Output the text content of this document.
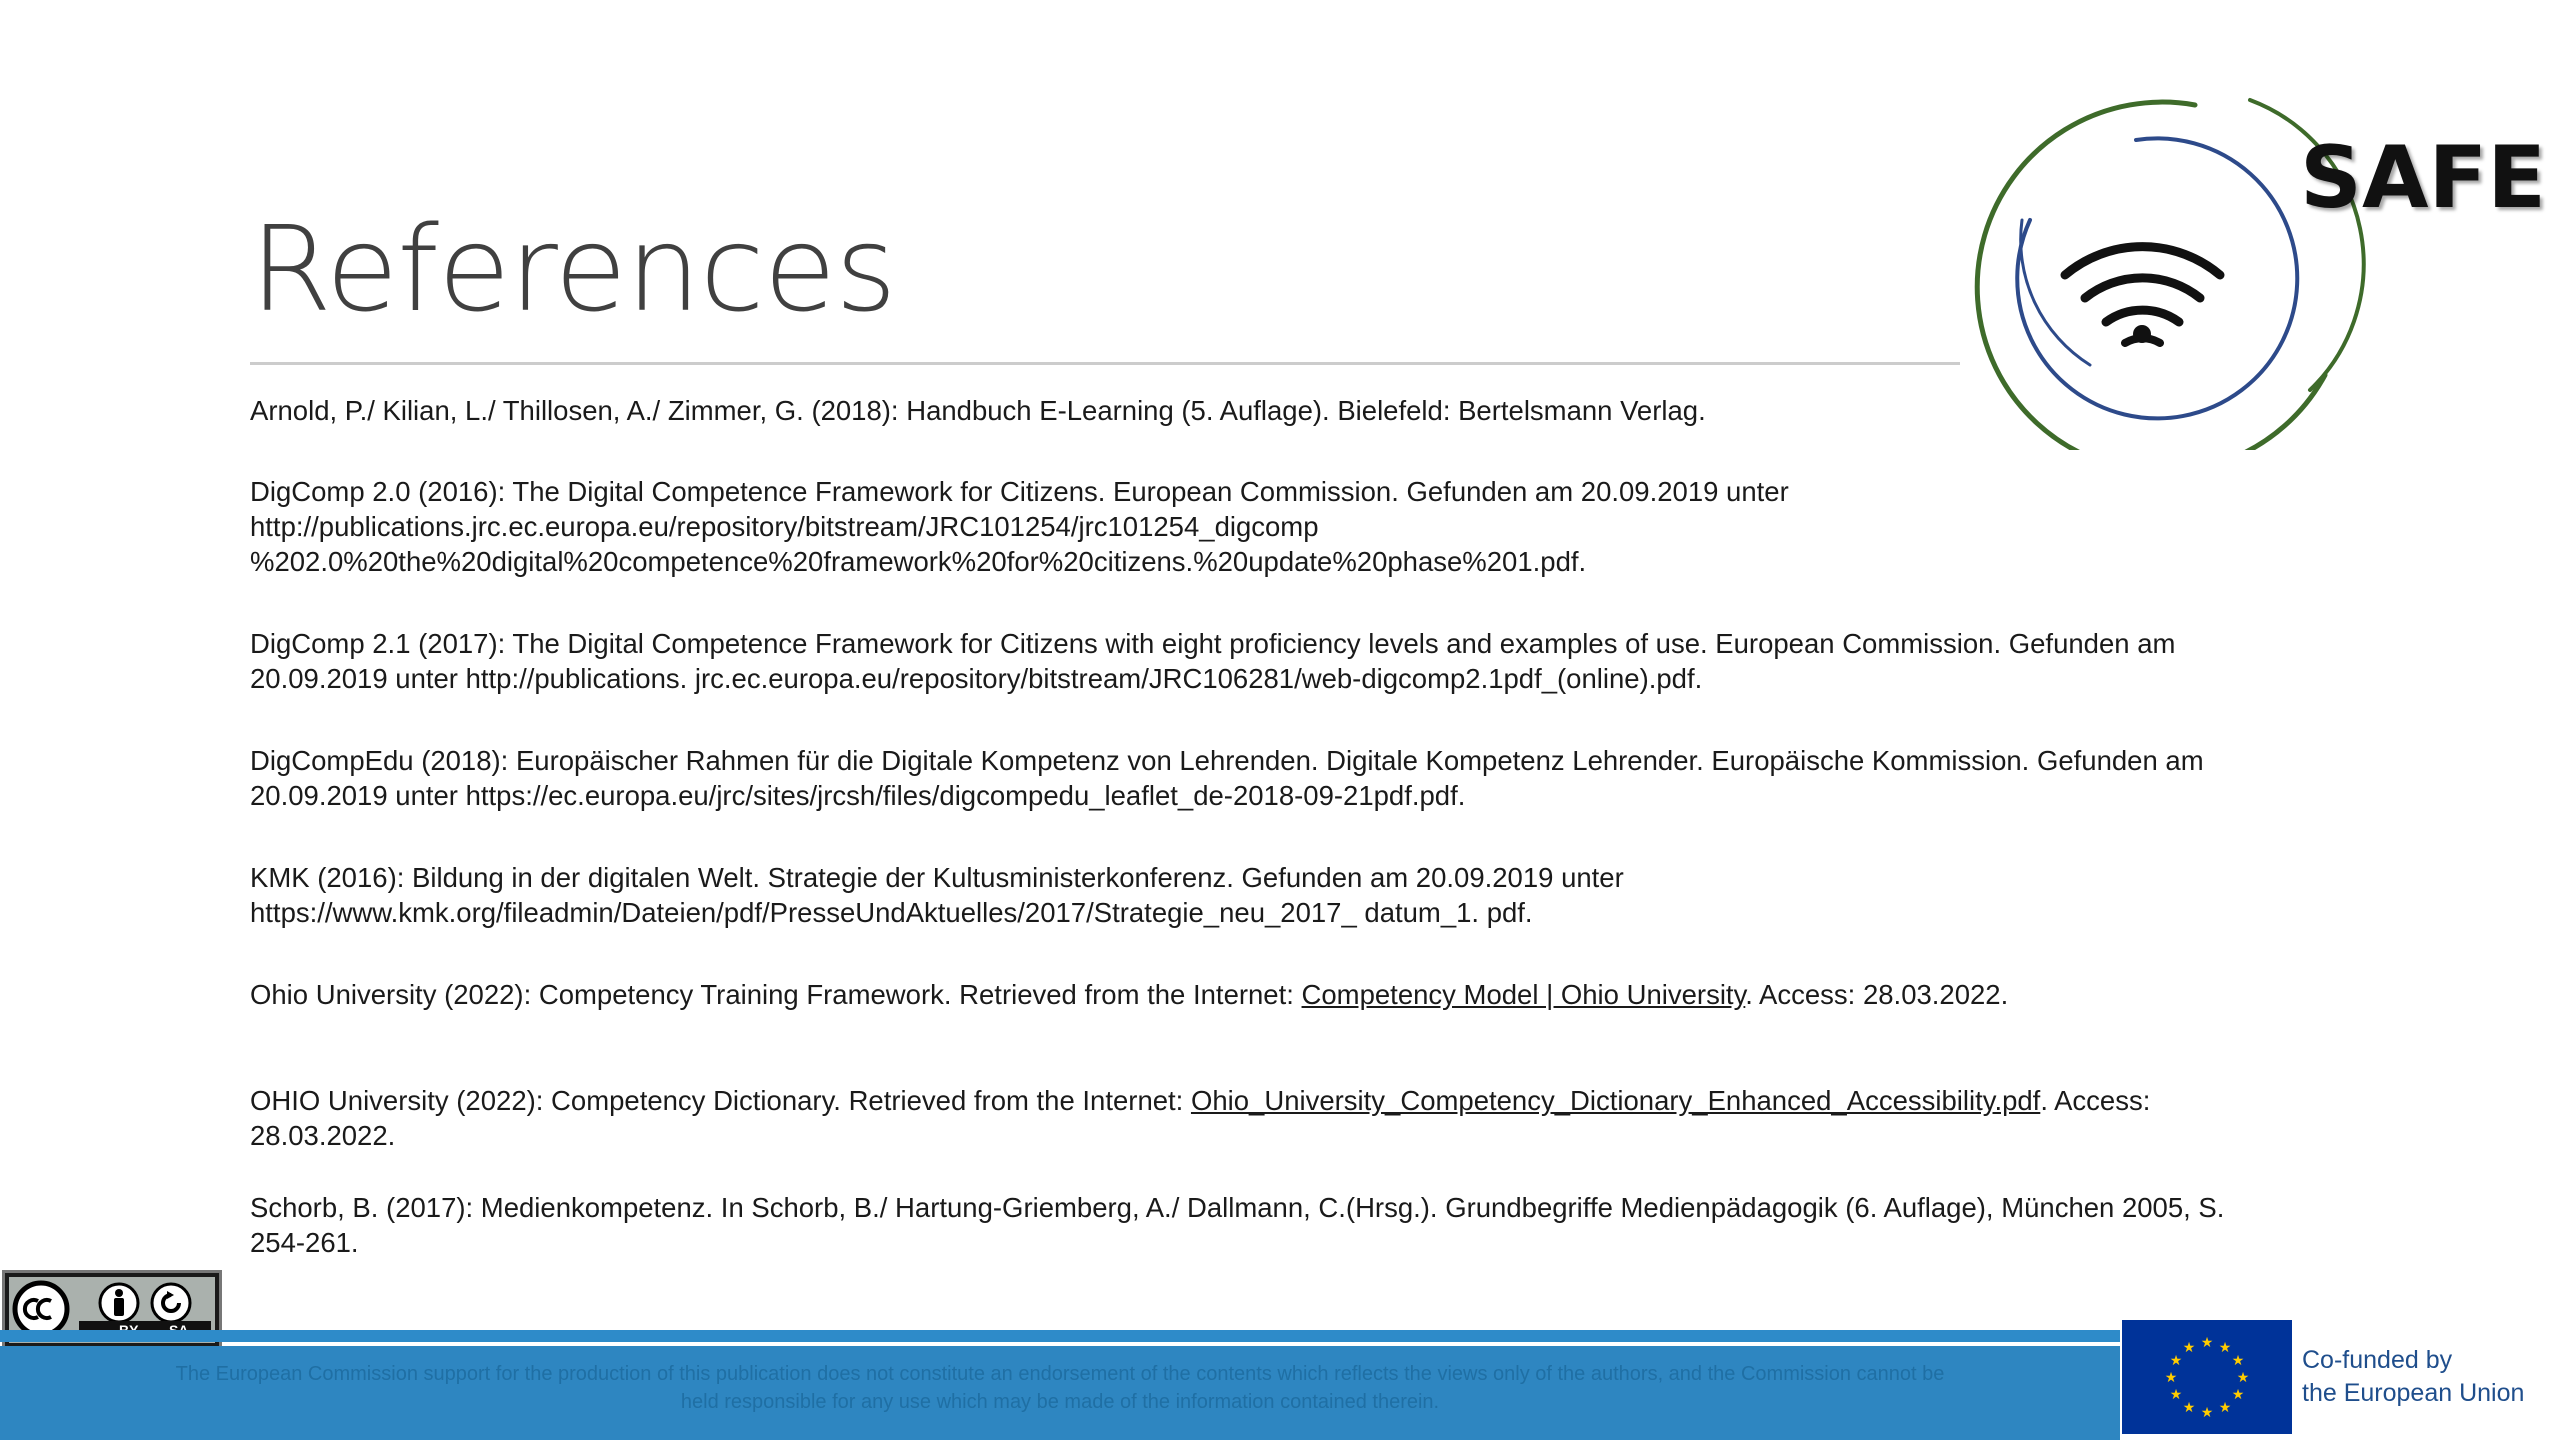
References
SAFE

Arnold, P./ Kilian, L./ Thillosen, A./ Zimmer, G. (2018): Handbuch E-Learning (5. Auflage). Bielefeld: Bertelsmann Verlag.

DigComp 2.0 (2016): The Digital Competence Framework for Citizens. European Commission. Gefunden am 20.09.2019 unter
http://publications.jrc.ec.europa.eu/repository/bitstream/JRC101254/jrc101254_digcomp
%202.0%20the%20digital%20competence%20framework%20for%20citizens.%20update%20phase%201.pdf.

DigComp 2.1 (2017): The Digital Competence Framework for Citizens with eight proficiency levels and examples of use. European Commission. Gefunden am
20.09.2019 unter http://publications. jrc.ec.europa.eu/repository/bitstream/JRC106281/web-digcomp2.1pdf_(online).pdf.

DigCompEdu (2018): Europäischer Rahmen für die Digitale Kompetenz von Lehrenden. Digitale Kompetenz Lehrender. Europäische Kommission. Gefunden am
20.09.2019 unter https://ec.europa.eu/jrc/sites/jrcsh/files/digcompedu_leaflet_de-2018-09-21pdf.pdf.

KMK (2016): Bildung in der digitalen Welt. Strategie der Kultusministerkonferenz. Gefunden am 20.09.2019 unter
https://www.kmk.org/fileadmin/Dateien/pdf/PresseUndAktuelles/2017/Strategie_neu_2017_ datum_1. pdf.

Ohio University (2022): Competency Training Framework. Retrieved from the Internet: Competency Model | Ohio University. Access: 28.03.2022.

OHIO University (2022): Competency Dictionary. Retrieved from the Internet: Ohio_University_Competency_Dictionary_Enhanced_Accessibility.pdf. Access:
28.03.2022.

Schorb, B. (2017): Medienkompetenz. In Schorb, B./ Hartung-Griemberg, A./ Dallmann, C.(Hrsg.). Grundbegriffe Medienpädagogik (6. Auflage), München 2005, S.
254-261.

The European Commission support for the production of this publication does not constitute an endorsement of the contents which reflects the views only of the authors, and the Commission cannot be
held responsible for any use which may be made of the information contained therein.
★ ★
★
★
★
★
★
★
★
★
★
★	Co-funded by
the European Union
